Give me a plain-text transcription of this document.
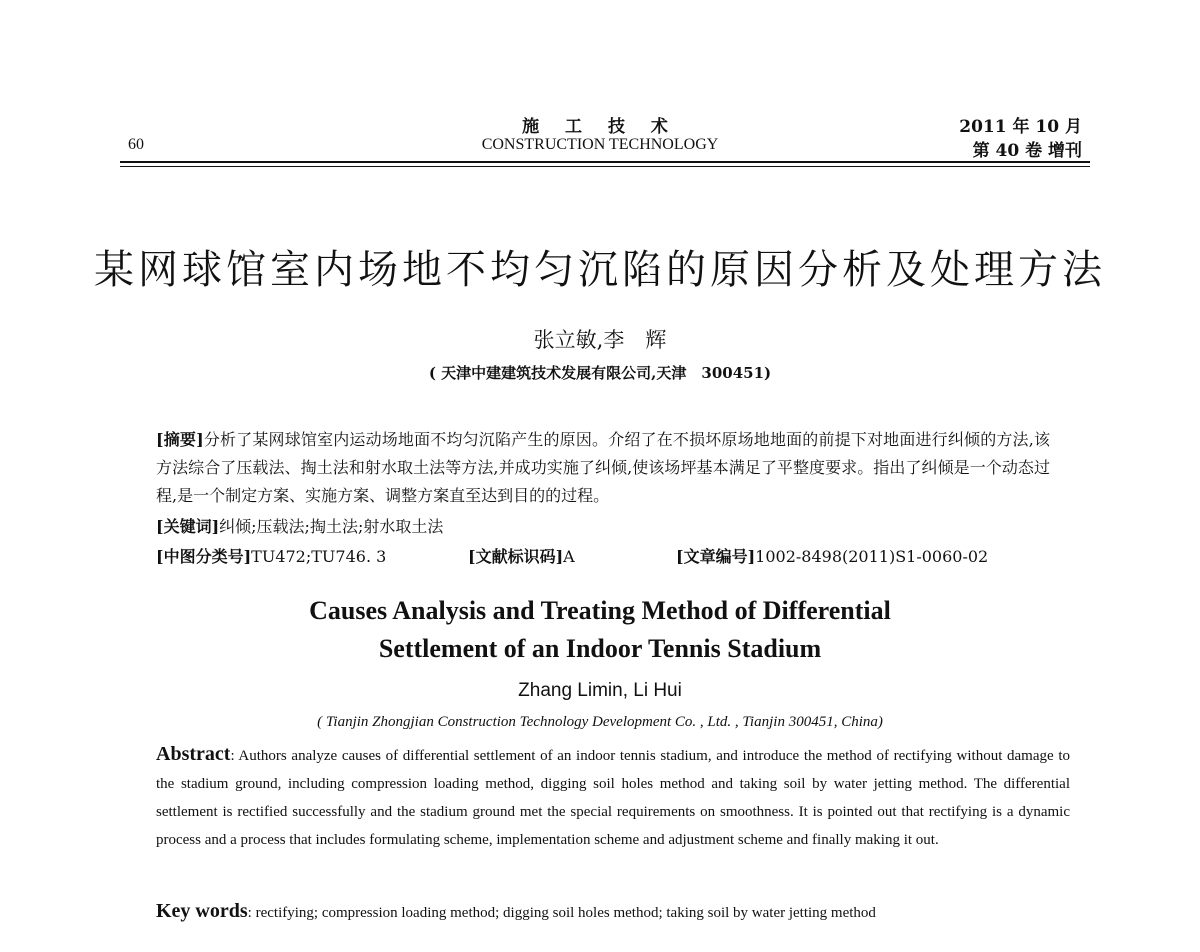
60
施 工 技 术
CONSTRUCTION TECHNOLOGY
2011 年 10 月
第 40 卷 增刊
某网球馆室内场地不均匀沉陷的原因分析及处理方法
张立敏,李　辉
( 天津中建建筑技术发展有限公司,天津　300451)
[摘要]分析了某网球馆室内运动场地面不均匀沉陷产生的原因。介绍了在不损坏原场地地面的前提下对地面进行纠倾的方法,该方法综合了压载法、掏土法和射水取土法等方法,并成功实施了纠倾,使该场坪基本满足了平整度要求。指出了纠倾是一个动态过程,是一个制定方案、实施方案、调整方案直至达到目的的过程。
[关键词]纠倾;压载法;掏土法;射水取土法
[中图分类号]TU472;TU746. 3	[文献标识码]A	[文章编号]1002-8498(2011)S1-0060-02
Causes Analysis and Treating Method of Differential
Settlement of an Indoor Tennis Stadium
Zhang Limin, Li Hui
( Tianjin Zhongjian Construction Technology Development Co. , Ltd. , Tianjin 300451, China)
Abstract: Authors analyze causes of differential settlement of an indoor tennis stadium, and introduce the method of rectifying without damage to the stadium ground, including compression loading method, digging soil holes method and taking soil by water jetting method. The differential settlement is rectified successfully and the stadium ground met the special requirements on smoothness. It is pointed out that rectifying is a dynamic process and a process that includes formulating scheme, implementation scheme and adjustment scheme and finally making it out.
Key words: rectifying; compression loading method; digging soil holes method; taking soil by water jetting method
